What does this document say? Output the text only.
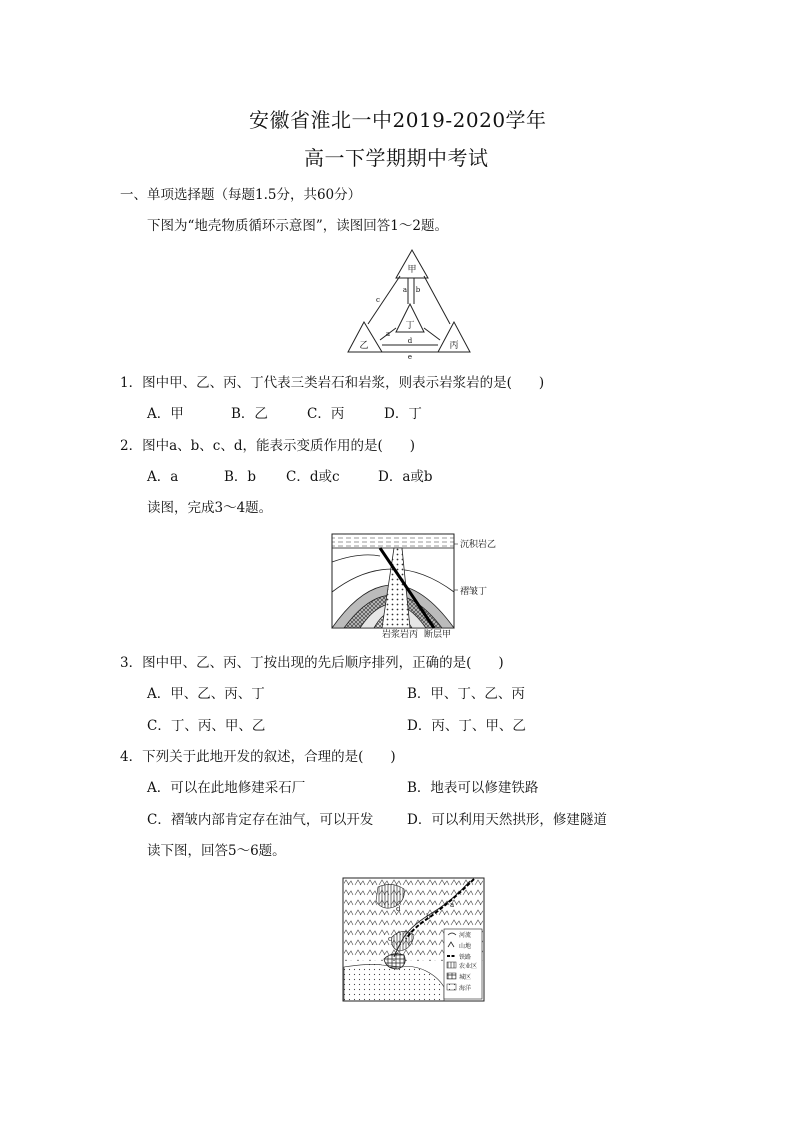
安徽省淮北一中2019-2020学年
高一下学期期中考试
一、单项选择题（每题1.5分，共60分）
下图为“地壳物质循环示意图”，读图回答1～2题。
甲
乙	丙
丁
a b
c
d
e
a
1．图中甲、乙、丙、丁代表三类岩石和岩浆，则表示岩浆岩的是(　　)
A．甲	B．乙	C．丙	D．丁
2．图中a、b、c、d，能表示变质作用的是(　　)
A．a	B．b C．d或c	D．a或b
读图，完成3～4题。
沉积岩乙
褶皱丁
岩浆岩丙 断层甲
3．图中甲、乙、丙、丁按出现的先后顺序排列，正确的是(　　)
A．甲、乙、丙、丁	B．甲、丁、乙、丙
C．丁、丙、甲、乙	D．丙、丁、甲、乙
4．下列关于此地开发的叙述，合理的是(　　)
A．可以在此地修建采石厂	B．地表可以修建铁路
C．褶皱内部肯定存在油气，可以开发 D．可以利用天然拱形，修建隧道
读下图，回答5～6题。
a
b
c
d
河流
山地
铁路
农业区
城区
海洋
